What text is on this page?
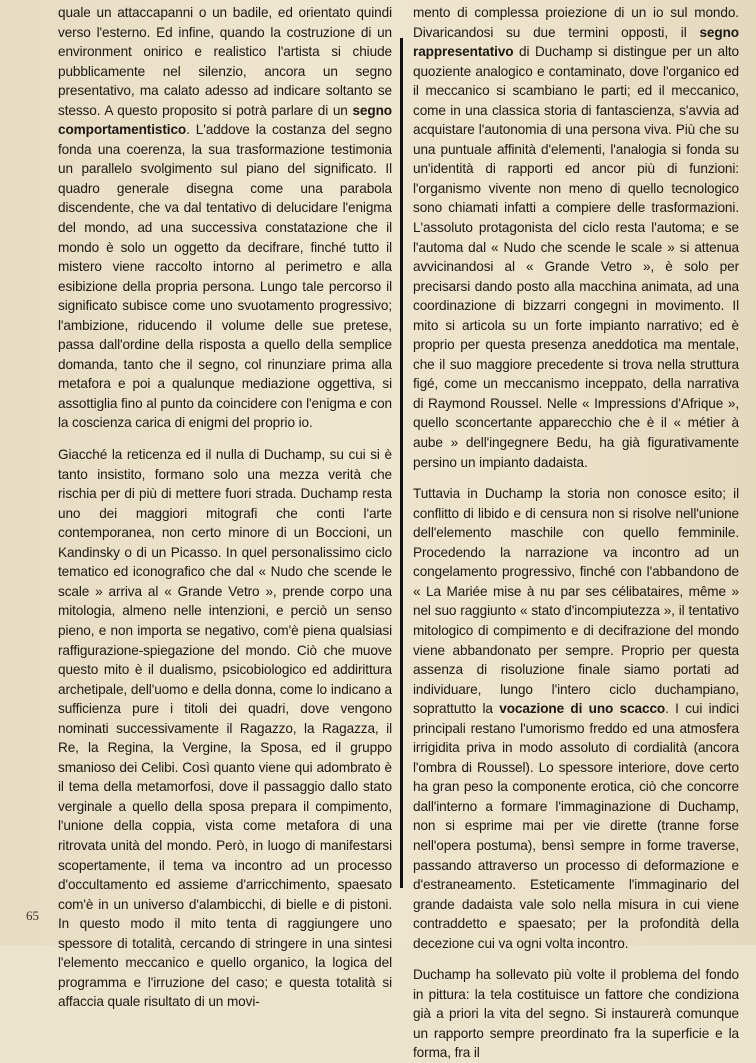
quale un attaccapanni o un badile, ed orientato quindi verso l'esterno. Ed infine, quando la costruzione di un environment onirico e realistico l'artista si chiude pubblicamente nel silenzio, ancora un segno presentativo, ma calato adesso ad indicare soltanto se stesso. A questo proposito si potrà parlare di un segno comportamentistico. L'addove la costanza del segno fonda una coerenza, la sua trasformazione testimonia un parallelo svolgimento sul piano del significato. Il quadro generale disegna come una parabola discendente, che va dal tentativo di delucidare l'enigma del mondo, ad una successiva constatazione che il mondo è solo un oggetto da decifrare, finché tutto il mistero viene raccolto intorno al perimetro e alla esibizione della propria persona. Lungo tale percorso il significato subisce come uno svuotamento progressivo; l'ambizione, riducendo il volume delle sue pretese, passa dall'ordine della risposta a quello della semplice domanda, tanto che il segno, col rinunziare prima alla metafora e poi a qualunque mediazione oggettiva, si assottiglia fino al punto da coincidere con l'enigma e con la coscienza carica di enigmi del proprio io.

Giacché la reticenza ed il nulla di Duchamp, su cui si è tanto insistito, formano solo una mezza verità che rischia per di più di mettere fuori strada. Duchamp resta uno dei maggiori mitografi che conti l'arte contemporanea, non certo minore di un Boccioni, un Kandinsky o di un Picasso. In quel personalissimo ciclo tematico ed iconografico che dal « Nudo che scende le scale » arriva al « Grande Vetro », prende corpo una mitologia, almeno nelle intenzioni, e perciò un senso pieno, e non importa se negativo, com'è piena qualsiasi raffigurazione-spiegazione del mondo. Ciò che muove questo mito è il dualismo, psicobiologico ed addirittura archetipale, dell'uomo e della donna, come lo indicano a sufficienza pure i titoli dei quadri, dove vengono nominati successivamente il Ragazzo, la Ragazza, il Re, la Regina, la Vergine, la Sposa, ed il gruppo smanioso dei Celibi. Così quanto viene qui adombrato è il tema della metamorfosi, dove il passaggio dallo stato verginale a quello della sposa prepara il compimento, l'unione della coppia, vista come metafora di una ritrovata unità del mondo. Però, in luogo di manifestarsi scopertamente, il tema va incontro ad un processo d'occultamento ed assieme d'arricchimento, spaesato com'è in un universo d'alambicchi, di bielle e di pistoni. In questo modo il mito tenta di raggiungere uno spessore di totalità, cercando di stringere in una sintesi l'elemento meccanico e quello organico, la logica del programma e l'irruzione del caso; e questa totalità si affaccia quale risultato di un movi-

mento di complessa proiezione di un io sul mondo. Divaricandosi su due termini opposti, il segno rappresentativo di Duchamp si distingue per un alto quoziente analogico e contaminato, dove l'organico ed il meccanico si scambiano le parti; ed il meccanico, come in una classica storia di fantascienza, s'avvia ad acquistare l'autonomia di una persona viva. Più che su una puntuale affinità d'elementi, l'analogia si fonda su un'identità di rapporti ed ancor più di funzioni: l'organismo vivente non meno di quello tecnologico sono chiamati infatti a compiere delle trasformazioni. L'assoluto protagonista del ciclo resta l'automa; e se l'automa dal « Nudo che scende le scale » si attenua avvicinandosi al « Grande Vetro », è solo per precisarsi dando posto alla macchina animata, ad una coordinazione di bizzarri congegni in movimento. Il mito si articola su un forte impianto narrativo; ed è proprio per questa presenza aneddotica ma mentale, che il suo maggiore precedente si trova nella struttura figé, come un meccanismo inceppato, della narrativa di Raymond Roussel. Nelle « Impressions d'Afrique », quello sconcertante apparecchio che è il « métier à aube » dell'ingegnere Bedu, ha già figurativamente persino un impianto dadaista.

Tuttavia in Duchamp la storia non conosce esito; il conflitto di libido e di censura non si risolve nell'unione dell'elemento maschile con quello femminile. Procedendo la narrazione va incontro ad un congelamento progressivo, finché con l'abbandono de « La Mariée mise à nu par ses célibataires, même » nel suo raggiunto « stato d'incompiutezza », il tentativo mitologico di compimento e di decifrazione del mondo viene abbandonato per sempre. Proprio per questa assenza di risoluzione finale siamo portati ad individuare, lungo l'intero ciclo duchampiano, soprattutto la vocazione di uno scacco. I cui indici principali restano l'umorismo freddo ed una atmosfera irrigidita priva in modo assoluto di cordialità (ancora l'ombra di Roussel). Lo spessore interiore, dove certo ha gran peso la componente erotica, ciò che concorre dall'interno a formare l'immaginazione di Duchamp, non si esprime mai per vie dirette (tranne forse nell'opera postuma), bensì sempre in forme traverse, passando attraverso un processo di deformazione e d'estraneamento. Esteticamente l'immaginario del grande dadaista vale solo nella misura in cui viene contraddetto e spaesato; per la profondità della decezione cui va ogni volta incontro.

Duchamp ha sollevato più volte il problema del fondo in pittura: la tela costituisce un fattore che condiziona già a priori la vita del segno. Si instaurerà comunque un rapporto sempre preordinato fra la superficie e la forma, fra il

65
